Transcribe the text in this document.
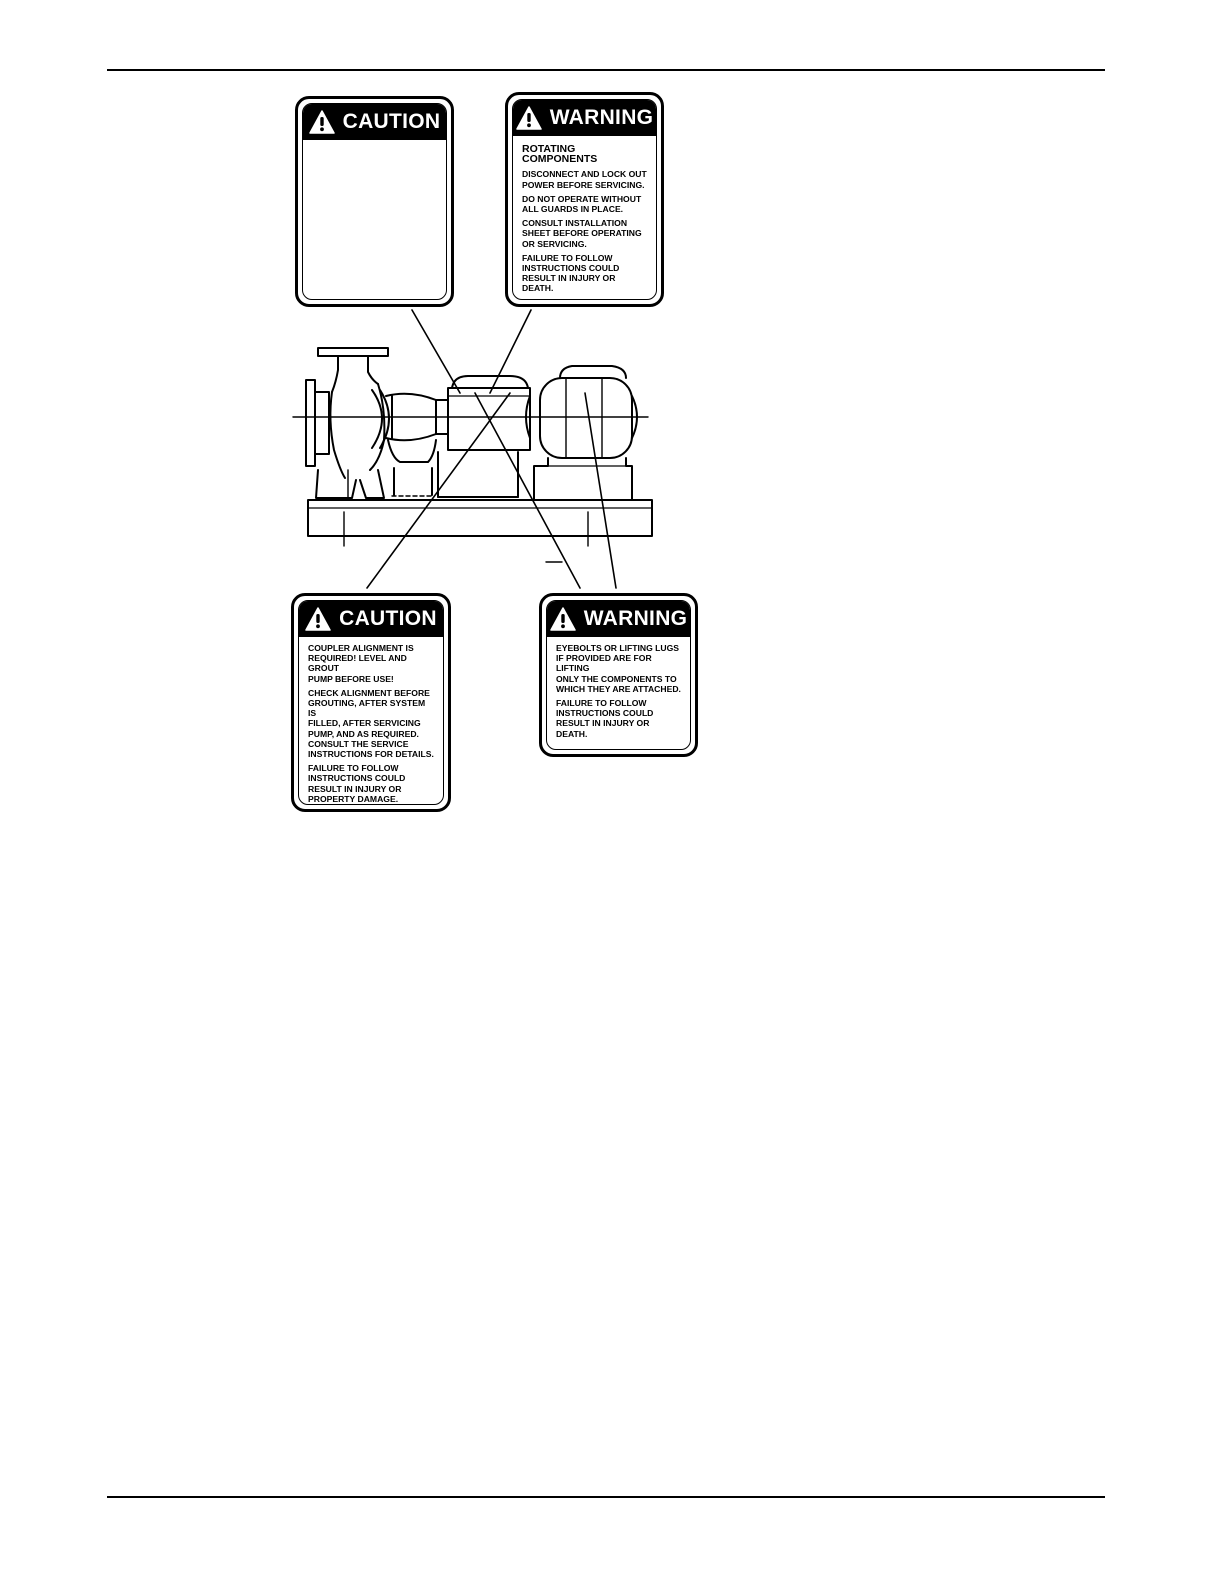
CAUTION	WARNING
ROTATING COMPONENTS

DISCONNECT AND LOCK OUT
POWER BEFORE SERVICING.

DO NOT OPERATE WITHOUT
ALL GUARDS IN PLACE.

CONSULT INSTALLATION
SHEET BEFORE OPERATING
OR SERVICING.

FAILURE TO FOLLOW
INSTRUCTIONS COULD
RESULT IN INJURY OR DEATH.

CAUTION

COUPLER ALIGNMENT IS
REQUIRED! LEVEL AND GROUT
PUMP BEFORE USE!

CHECK ALIGNMENT BEFORE
GROUTING, AFTER SYSTEM IS
FILLED, AFTER SERVICING
PUMP, AND AS REQUIRED.
CONSULT THE SERVICE
INSTRUCTIONS FOR DETAILS.

FAILURE TO FOLLOW
INSTRUCTIONS COULD
RESULT IN INJURY OR
PROPERTY DAMAGE.

WARNING

EYEBOLTS OR LIFTING LUGS
IF PROVIDED ARE FOR LIFTING
ONLY THE COMPONENTS TO
WHICH THEY ARE ATTACHED.

FAILURE TO FOLLOW
INSTRUCTIONS COULD
RESULT IN INJURY OR DEATH.
